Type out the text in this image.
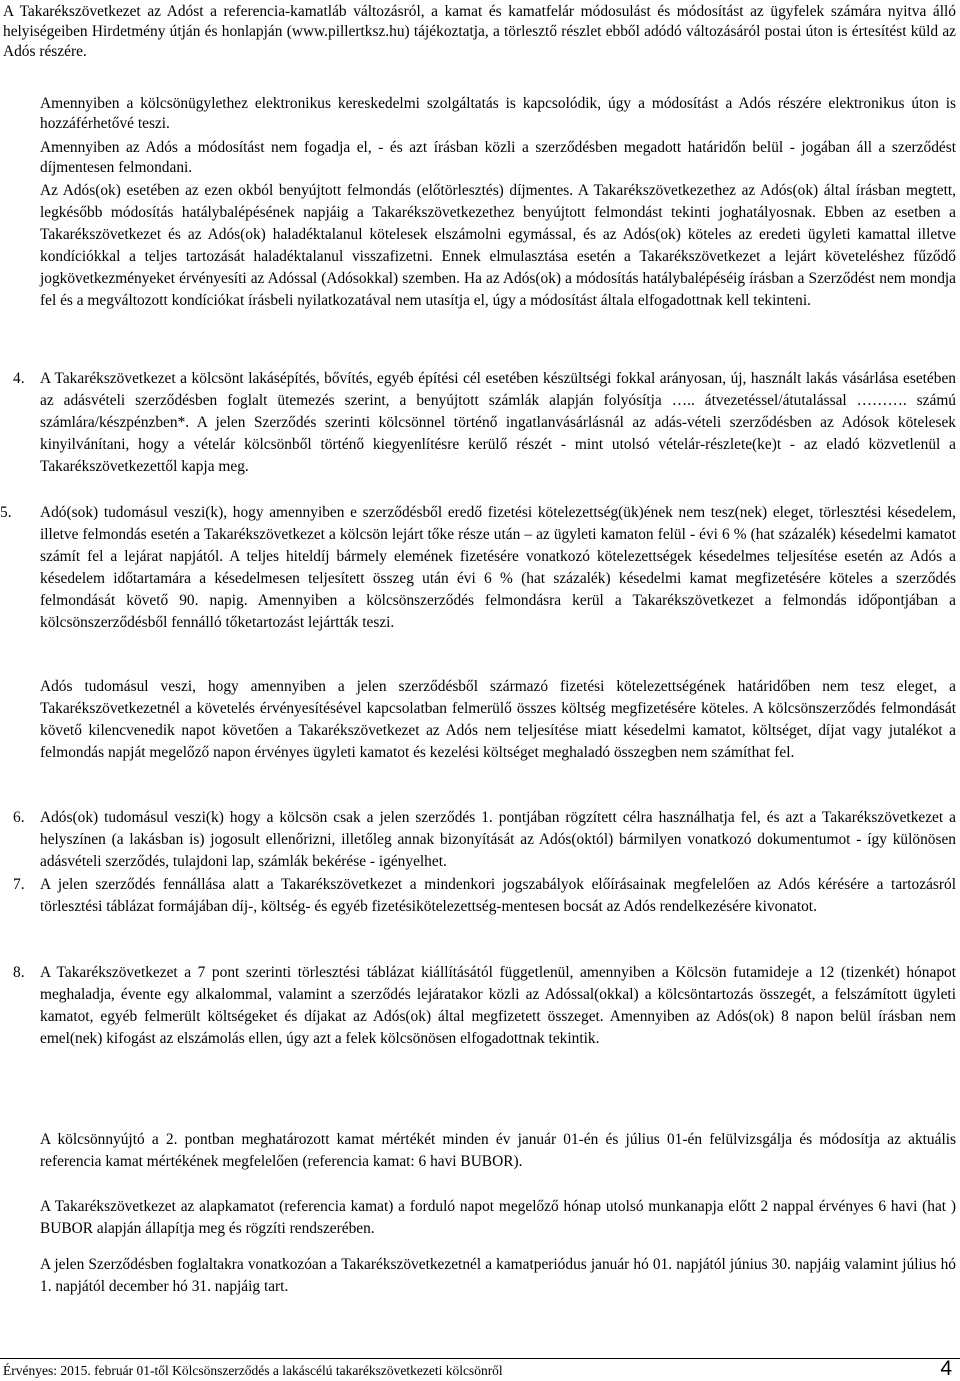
A Takarékszövetkezet az Adóst a referencia-kamatláb változásról, a kamat és kamatfelár módosulást és módosítást az ügyfelek számára nyitva álló helyiségeiben Hirdetmény útján és honlapján (www.pillertksz.hu) tájékoztatja, a törlesztő részlet ebből adódó változásáról postai úton is értesítést küld az Adós részére.

Amennyiben a kölcsönügylethez elektronikus kereskedelmi szolgáltatás is kapcsolódik, úgy a módosítást a Adós részére elektronikus úton is hozzáférhetővé teszi.

Amennyiben az Adós a módosítást nem fogadja el, - és azt írásban közli a szerződésben megadott határidőn belül - jogában áll a szerződést díjmentesen felmondani.

Az Adós(ok) esetében az ezen okból benyújtott felmondás (előtörlesztés) díjmentes. A Takarékszövetkezethez az Adós(ok) által írásban megtett, legkésőbb módosítás hatálybalépésének napjáig a Takarékszövetkezethez benyújtott felmondást tekinti joghatályosnak. Ebben az esetben a Takarékszövetkezet és az Adós(ok) haladéktalanul kötelesek elszámolni egymással, és az Adós(ok) köteles az eredeti ügyleti kamattal illetve kondíciókkal a teljes tartozását haladéktalanul visszafizetni. Ennek elmulasztása esetén a Takarékszövetkezet a lejárt követeléshez fűződő jogkövetkezményeket érvényesíti az Adóssal (Adósokkal) szemben. Ha az Adós(ok) a módosítás hatálybalépéséig írásban a Szerződést nem mondja fel és a megváltozott kondíciókat írásbeli nyilatkozatával nem utasítja el, úgy a módosítást általa elfogadottnak kell tekinteni.

4. A Takarékszövetkezet a kölcsönt lakásépítés, bővítés, egyéb építési cél esetében készültségi fokkal arányosan, új, használt lakás vásárlása esetében az adásvételi szerződésben foglalt ütemezés szerint, a benyújtott számlák alapján folyósítja ….. átvezetéssel/átutalással ………. számú számlára/készpénzben*. A jelen Szerződés szerinti kölcsönnel történő ingatlanvásárlásnál az adás-vételi szerződésben az Adósok kötelesek kinyilvánítani, hogy a vételár kölcsönből történő kiegyenlítésre kerülő részét - mint utolsó vételár-részlete(ke)t - az eladó közvetlenül a Takarékszövetkezettől kapja meg.

5. Adó(sok) tudomásul veszi(k), hogy amennyiben e szerződésből eredő fizetési kötelezettség(ük)ének nem tesz(nek) eleget, törlesztési késedelem, illetve felmondás esetén a Takarékszövetkezet a kölcsön lejárt tőke része után – az ügyleti kamaton felül - évi 6 % (hat százalék) késedelmi kamatot számít fel a lejárat napjától. A teljes hiteldíj bármely elemének fizetésére vonatkozó kötelezettségek késedelmes teljesítése esetén az Adós a késedelem időtartamára a késedelmesen teljesített összeg után évi 6 % (hat százalék) késedelmi kamat megfizetésére köteles a szerződés felmondását követő 90. napig. Amennyiben a kölcsönszerződés felmondásra kerül a Takarékszövetkezet a felmondás időpontjában a kölcsönszerződésből fennálló tőketartozást lejártták teszi.

Adós tudomásul veszi, hogy amennyiben a jelen szerződésből származó fizetési kötelezettségének határidőben nem tesz eleget, a Takarékszövetkezetnél a követelés érvényesítésével kapcsolatban felmerülő összes költség megfizetésére köteles. A kölcsönszerződés felmondását követő kilencvenedik napot követően a Takarékszövetkezet az Adós nem teljesítése miatt késedelmi kamatot, költséget, díjat vagy jutalékot a felmondás napját megelőző napon érvényes ügyleti kamatot és kezelési költséget meghaladó összegben nem számíthat fel.

6. Adós(ok) tudomásul veszi(k) hogy a kölcsön csak a jelen szerződés 1. pontjában rögzített célra használhatja fel, és azt a Takarékszövetkezet a helyszínen (a lakásban is) jogosult ellenőrizni, illetőleg annak bizonyítását az Adós(októl) bármilyen vonatkozó dokumentumot - így különösen adásvételi szerződés, tulajdoni lap, számlák bekérése - igényelhet.

7. A jelen szerződés fennállása alatt a Takarékszövetkezet a mindenkori jogszabályok előírásainak megfelelően az Adós kérésére a tartozásról törlesztési táblázat formájában díj-, költség- és egyéb fizetésikötelezettség-mentesen bocsát az Adós rendelkezésére kivonatot.

8. A Takarékszövetkezet a 7 pont szerinti törlesztési táblázat kiállításától függetlenül, amennyiben a Kölcsön futamideje a 12 (tizenkét) hónapot meghaladja, évente egy alkalommal, valamint a szerződés lejáratakor közli az Adóssal(okkal) a kölcsöntartozás összegét, a felszámított ügyleti kamatot, egyéb felmerült költségeket és díjakat az Adós(ok) által megfizetett összeget. Amennyiben az Adós(ok) 8 napon belül írásban nem emel(nek) kifogást az elszámolás ellen, úgy azt a felek kölcsönösen elfogadottnak tekintik.

A kölcsönnyújtó a 2. pontban meghatározott kamat mértékét minden év január 01-én és július 01-én felülvizsgálja és módosítja az aktuális referencia kamat mértékének megfelelően (referencia kamat: 6 havi BUBOR).

A Takarékszövetkezet az alapkamatot (referencia kamat) a forduló napot megelőző hónap utolsó munkanapja előtt 2 nappal érvényes 6 havi (hat ) BUBOR alapján állapítja meg és rögzíti rendszerében.

A jelen Szerződésben foglaltakra vonatkozóan a Takarékszövetkezetnél a kamatperiódus január hó 01. napjától június 30. napjáig valamint július hó 1. napjától december hó 31. napjáig tart.

Érvényes: 2015. február 01-től Kölcsönszerződés a lakáscélú takarékszövetkezeti kölcsönről	4
